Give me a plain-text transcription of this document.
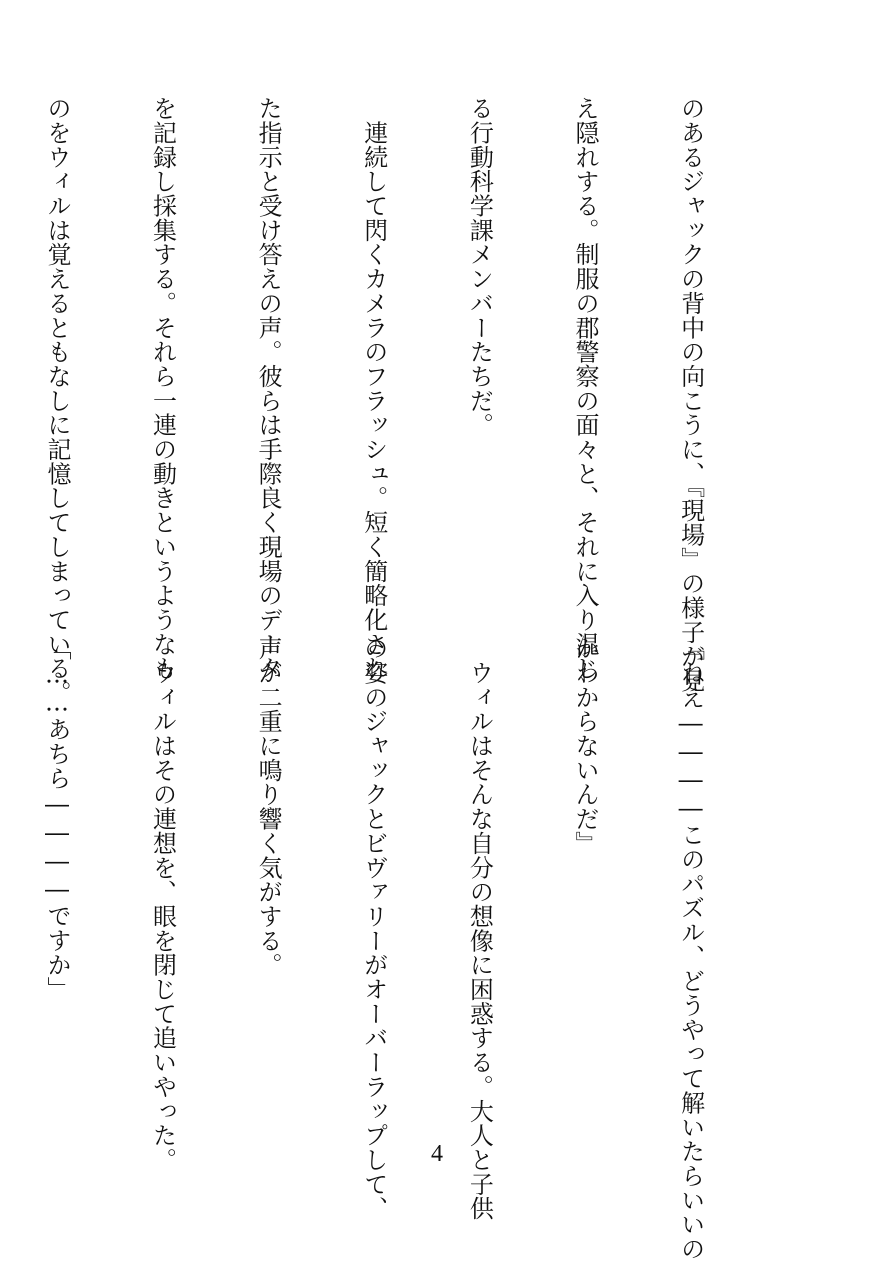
のあるジャックの背中の向こうに、『現場』の様子が見

え隠れする。制服の郡警察の面々と、それに入り混じ

る行動科学課メンバーたちだ。

　連続して閃くカメラのフラッシュ。短く簡略化され

た指示と受け答えの声。彼らは手際良く現場のデータ

を記録し採集する。それら一連の動きというようなも

のをウィルは覚えるともなしに記憶してしまっている。

『ねえ――――このパズル、どうやって解いたらいいの

かわからないんだ』

　ウィルはそんな自分の想像に困惑する。大人と子供

の姿のジャックとビヴァリーがオーバーラップして、

声が二重に鳴り響く気がする。

　ウィルはその連想を、眼を閉じて追いやった。

「……あちら――――ですか」

4
